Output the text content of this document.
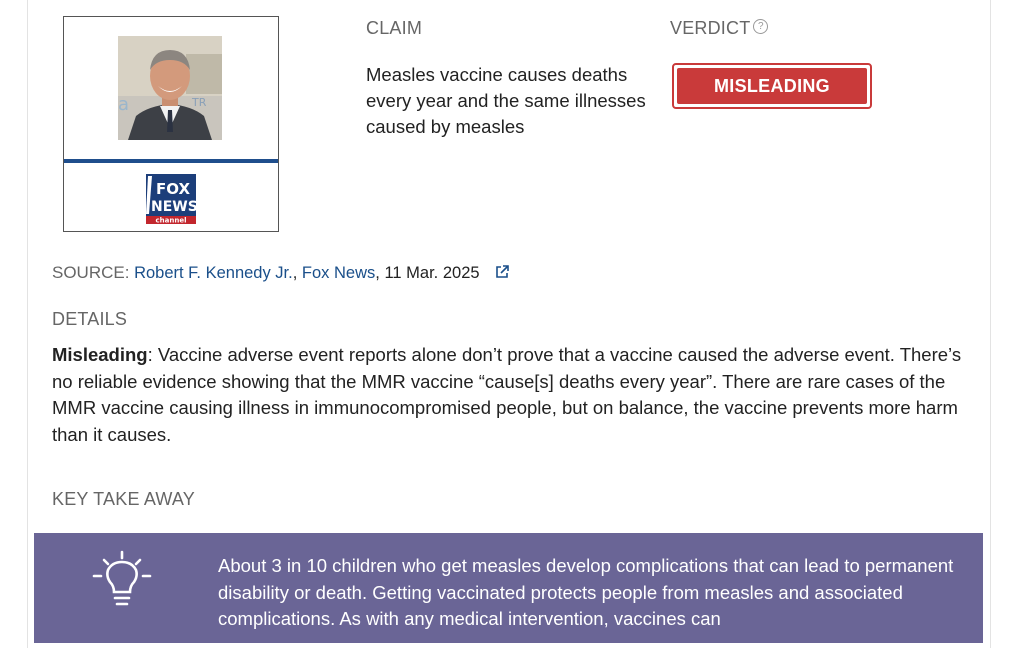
TR
a
FOX
NEWS
channel
CLAIM
Measles vaccine causes deaths every year and the same illnesses caused by measles
VERDICT ?
MISLEADING
SOURCE: Robert F. Kennedy Jr., Fox News, 11 Mar. 2025
DETAILS
Misleading: Vaccine adverse event reports alone don’t prove that a vaccine caused the adverse event. There’s no reliable evidence showing that the MMR vaccine “cause[s] deaths every year”. There are rare cases of the MMR vaccine causing illness in immunocompromised people, but on balance, the vaccine prevents more harm than it causes.
KEY TAKE AWAY
About 3 in 10 children who get measles develop complications that can lead to permanent disability or death. Getting vaccinated protects people from measles and associated complications. As with any medical intervention, vaccines can
